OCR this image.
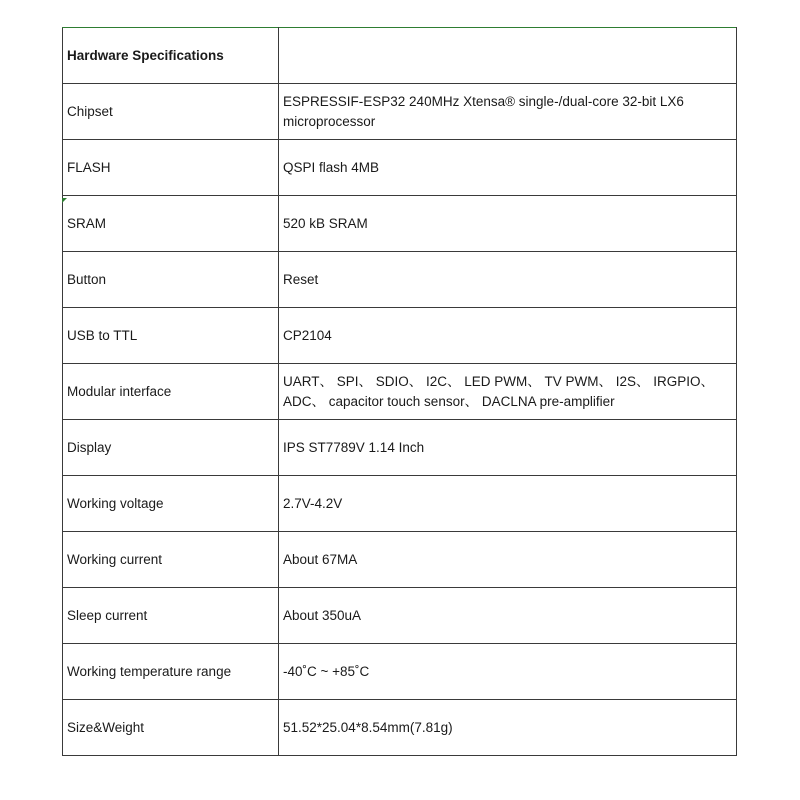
Hardware Specifications	
Chipset	ESPRESSIF-ESP32 240MHz Xtensa® single-/dual-core 32-bit LX6 microprocessor
FLASH	QSPI flash 4MB
SRAM	520 kB SRAM
Button	Reset
USB to TTL	CP2104
Modular interface	UART、 SPI、 SDIO、 I2C、 LED PWM、 TV PWM、 I2S、 IRGPIO、 ADC、 capacitor touch sensor、 DACLNA pre-amplifier
Display	IPS ST7789V 1.14 Inch
Working voltage	2.7V-4.2V
Working current	About 67MA
Sleep current	About 350uA
Working temperature range	-40˚C ~ +85˚C
Size&Weight	51.52*25.04*8.54mm(7.81g)
